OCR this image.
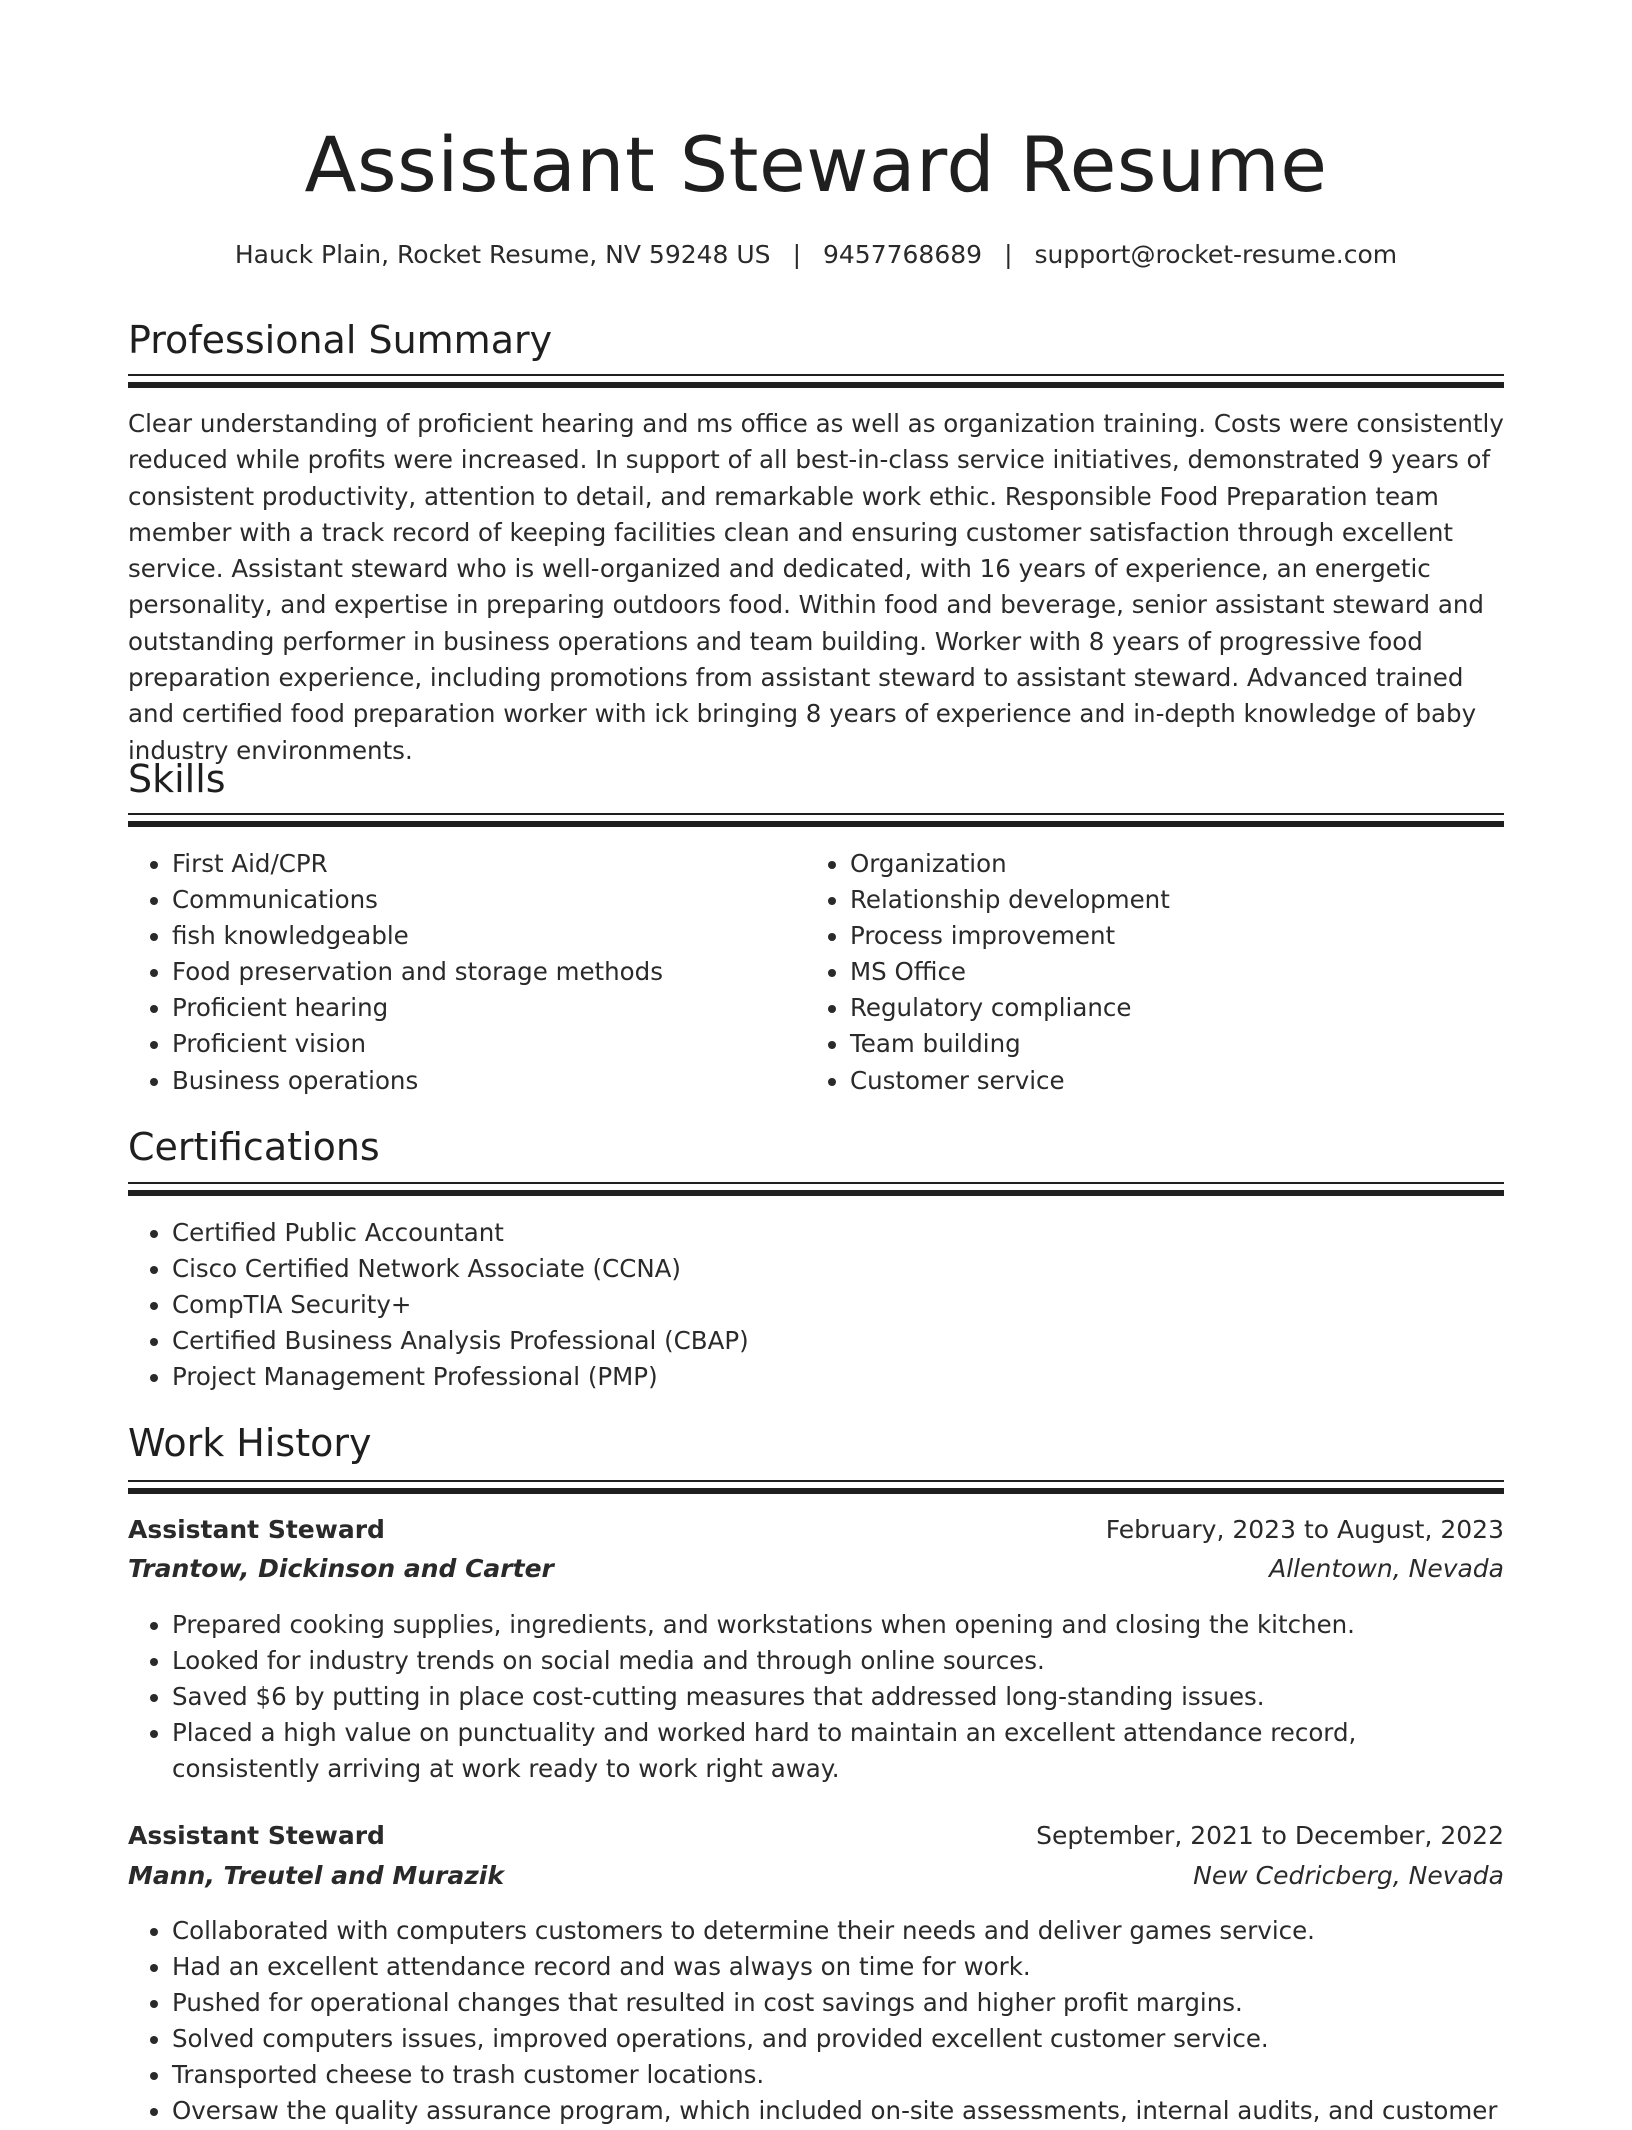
Assistant Steward Resume
Hauck Plain, Rocket Resume, NV 59248 US | 9457768689 | support@rocket-resume.com
Professional Summary

Clear understanding of proficient hearing and ms office as well as organization training. Costs were consistently reduced while profits were increased. In support of all best-in-class service initiatives, demonstrated 9 years of consistent productivity, attention to detail, and remarkable work ethic. Responsible Food Preparation team member with a track record of keeping facilities clean and ensuring customer satisfaction through excellent service. Assistant steward who is well-organized and dedicated, with 16 years of experience, an energetic personality, and expertise in preparing outdoors food. Within food and beverage, senior assistant steward and outstanding performer in business operations and team building. Worker with 8 years of progressive food preparation experience, including promotions from assistant steward to assistant steward. Advanced trained and certified food preparation worker with ick bringing 8 years of experience and in-depth knowledge of baby industry environments.

Skills
• First Aid/CPR
• Communications
• fish knowledgeable
• Food preservation and storage methods
• Proficient hearing
• Proficient vision
• Business operations
• Organization
• Relationship development
• Process improvement
• MS Office
• Regulatory compliance
• Team building
• Customer service
Certifications
• Certified Public Accountant
• Cisco Certified Network Associate (CCNA)
• CompTIA Security+
• Certified Business Analysis Professional (CBAP)
• Project Management Professional (PMP)
Work History
Assistant Steward	February, 2023 to August, 2023
Trantow, Dickinson and Carter	Allentown, Nevada
• Prepared cooking supplies, ingredients, and workstations when opening and closing the kitchen.
• Looked for industry trends on social media and through online sources.
• Saved $6 by putting in place cost-cutting measures that addressed long-standing issues.
• Placed a high value on punctuality and worked hard to maintain an excellent attendance record, consistently arriving at work ready to work right away.
Assistant Steward	September, 2021 to December, 2022
Mann, Treutel and Murazik	New Cedricberg, Nevada
• Collaborated with computers customers to determine their needs and deliver games service.
• Had an excellent attendance record and was always on time for work.
• Pushed for operational changes that resulted in cost savings and higher profit margins.
• Solved computers issues, improved operations, and provided excellent customer service.
• Transported cheese to trash customer locations.
• Oversaw the quality assurance program, which included on-site assessments, internal audits, and customer
